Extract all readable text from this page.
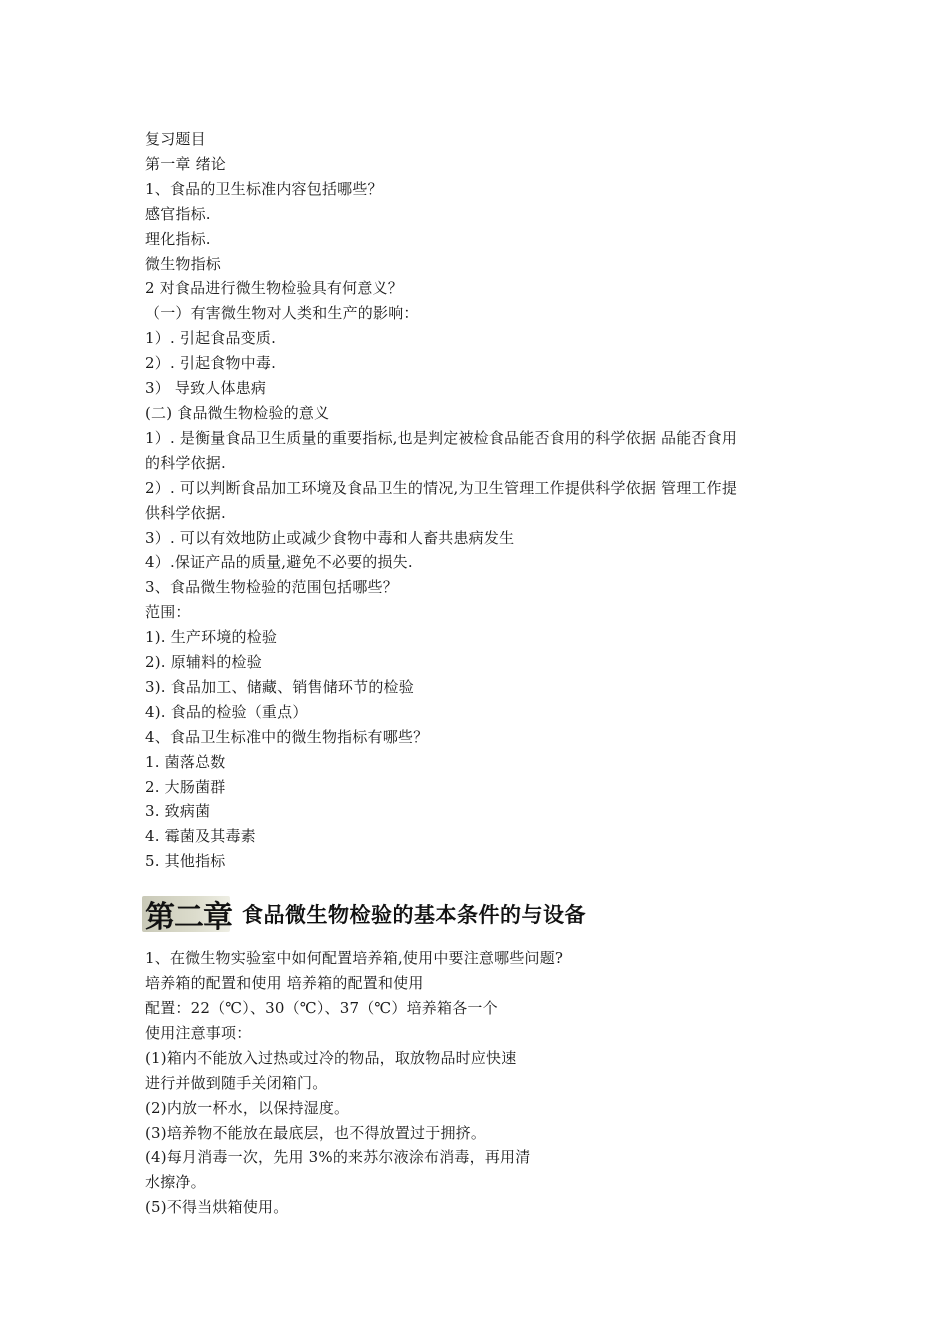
复习题目
第一章 绪论
1、食品的卫生标准内容包括哪些？
感官指标.
理化指标.
微生物指标
2 对食品进行微生物检验具有何意义？
（一）有害微生物对人类和生产的影响：
1）. 引起食品变质.
2）. 引起食物中毒.
3） 导致人体患病
(二) 食品微生物检验的意义
1）. 是衡量食品卫生质量的重要指标,也是判定被检食品能否食用的科学依据 品能否食用
的科学依据.
2）. 可以判断食品加工环境及食品卫生的情况,为卫生管理工作提供科学依据 管理工作提
供科学依据.
3）. 可以有效地防止或减少食物中毒和人畜共患病发生
4）.保证产品的质量,避免不必要的损失.
3、食品微生物检验的范围包括哪些？
范围：
1). 生产环境的检验
2). 原辅料的检验
3). 食品加工、储藏、销售储环节的检验
4). 食品的检验（重点）
4、食品卫生标准中的微生物指标有哪些？
1. 菌落总数
2. 大肠菌群
3. 致病菌
4. 霉菌及其毒素
5. 其他指标
第二章 食品微生物检验的基本条件的与设备
1、在微生物实验室中如何配置培养箱,使用中要注意哪些问题?
培养箱的配置和使用 培养箱的配置和使用
配置：22（℃）、30（℃）、37（℃）培养箱各一个
使用注意事项：
(1)箱内不能放入过热或过冷的物品，取放物品时应快速
进行并做到随手关闭箱门。
(2)内放一杯水，以保持湿度。
(3)培养物不能放在最底层，也不得放置过于拥挤。
(4)每月消毒一次，先用 3%的来苏尔液涂布消毒，再用清
水擦净。
(5)不得当烘箱使用。
